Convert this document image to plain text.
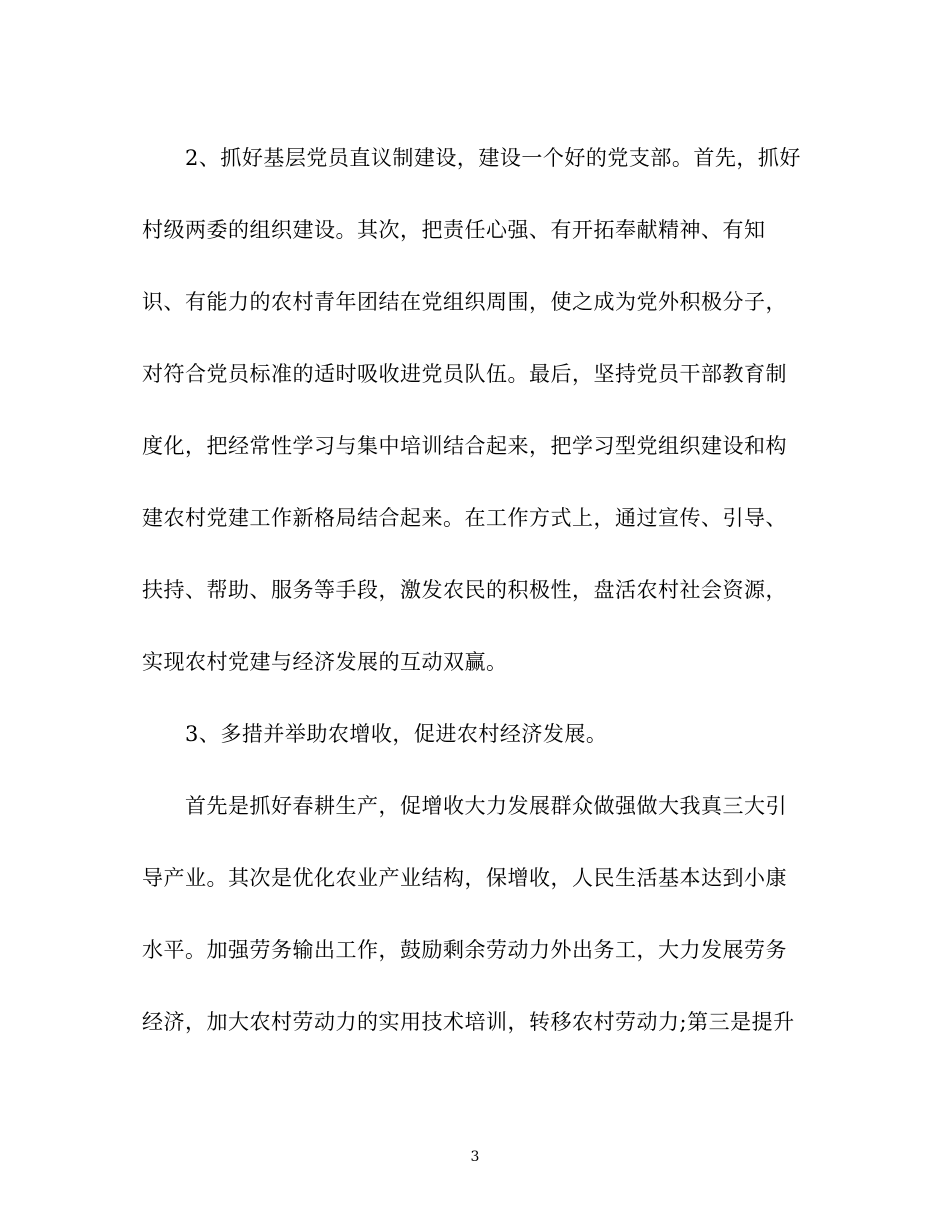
2、抓好基层党员直议制建设，建设一个好的党支部。首先，抓好
村级两委的组织建设。其次，把责任心强、有开拓奉献精神、有知
识、有能力的农村青年团结在党组织周围，使之成为党外积极分子，
对符合党员标准的适时吸收进党员队伍。最后，坚持党员干部教育制
度化，把经常性学习与集中培训结合起来，把学习型党组织建设和构
建农村党建工作新格局结合起来。在工作方式上，通过宣传、引导、
扶持、帮助、服务等手段，激发农民的积极性，盘活农村社会资源，
实现农村党建与经济发展的互动双赢。
3、多措并举助农增收，促进农村经济发展。
首先是抓好春耕生产，促增收大力发展群众做强做大我真三大引
导产业。其次是优化农业产业结构，保增收，人民生活基本达到小康
水平。加强劳务输出工作，鼓励剩余劳动力外出务工，大力发展劳务
经济，加大农村劳动力的实用技术培训，转移农村劳动力;第三是提升
3
